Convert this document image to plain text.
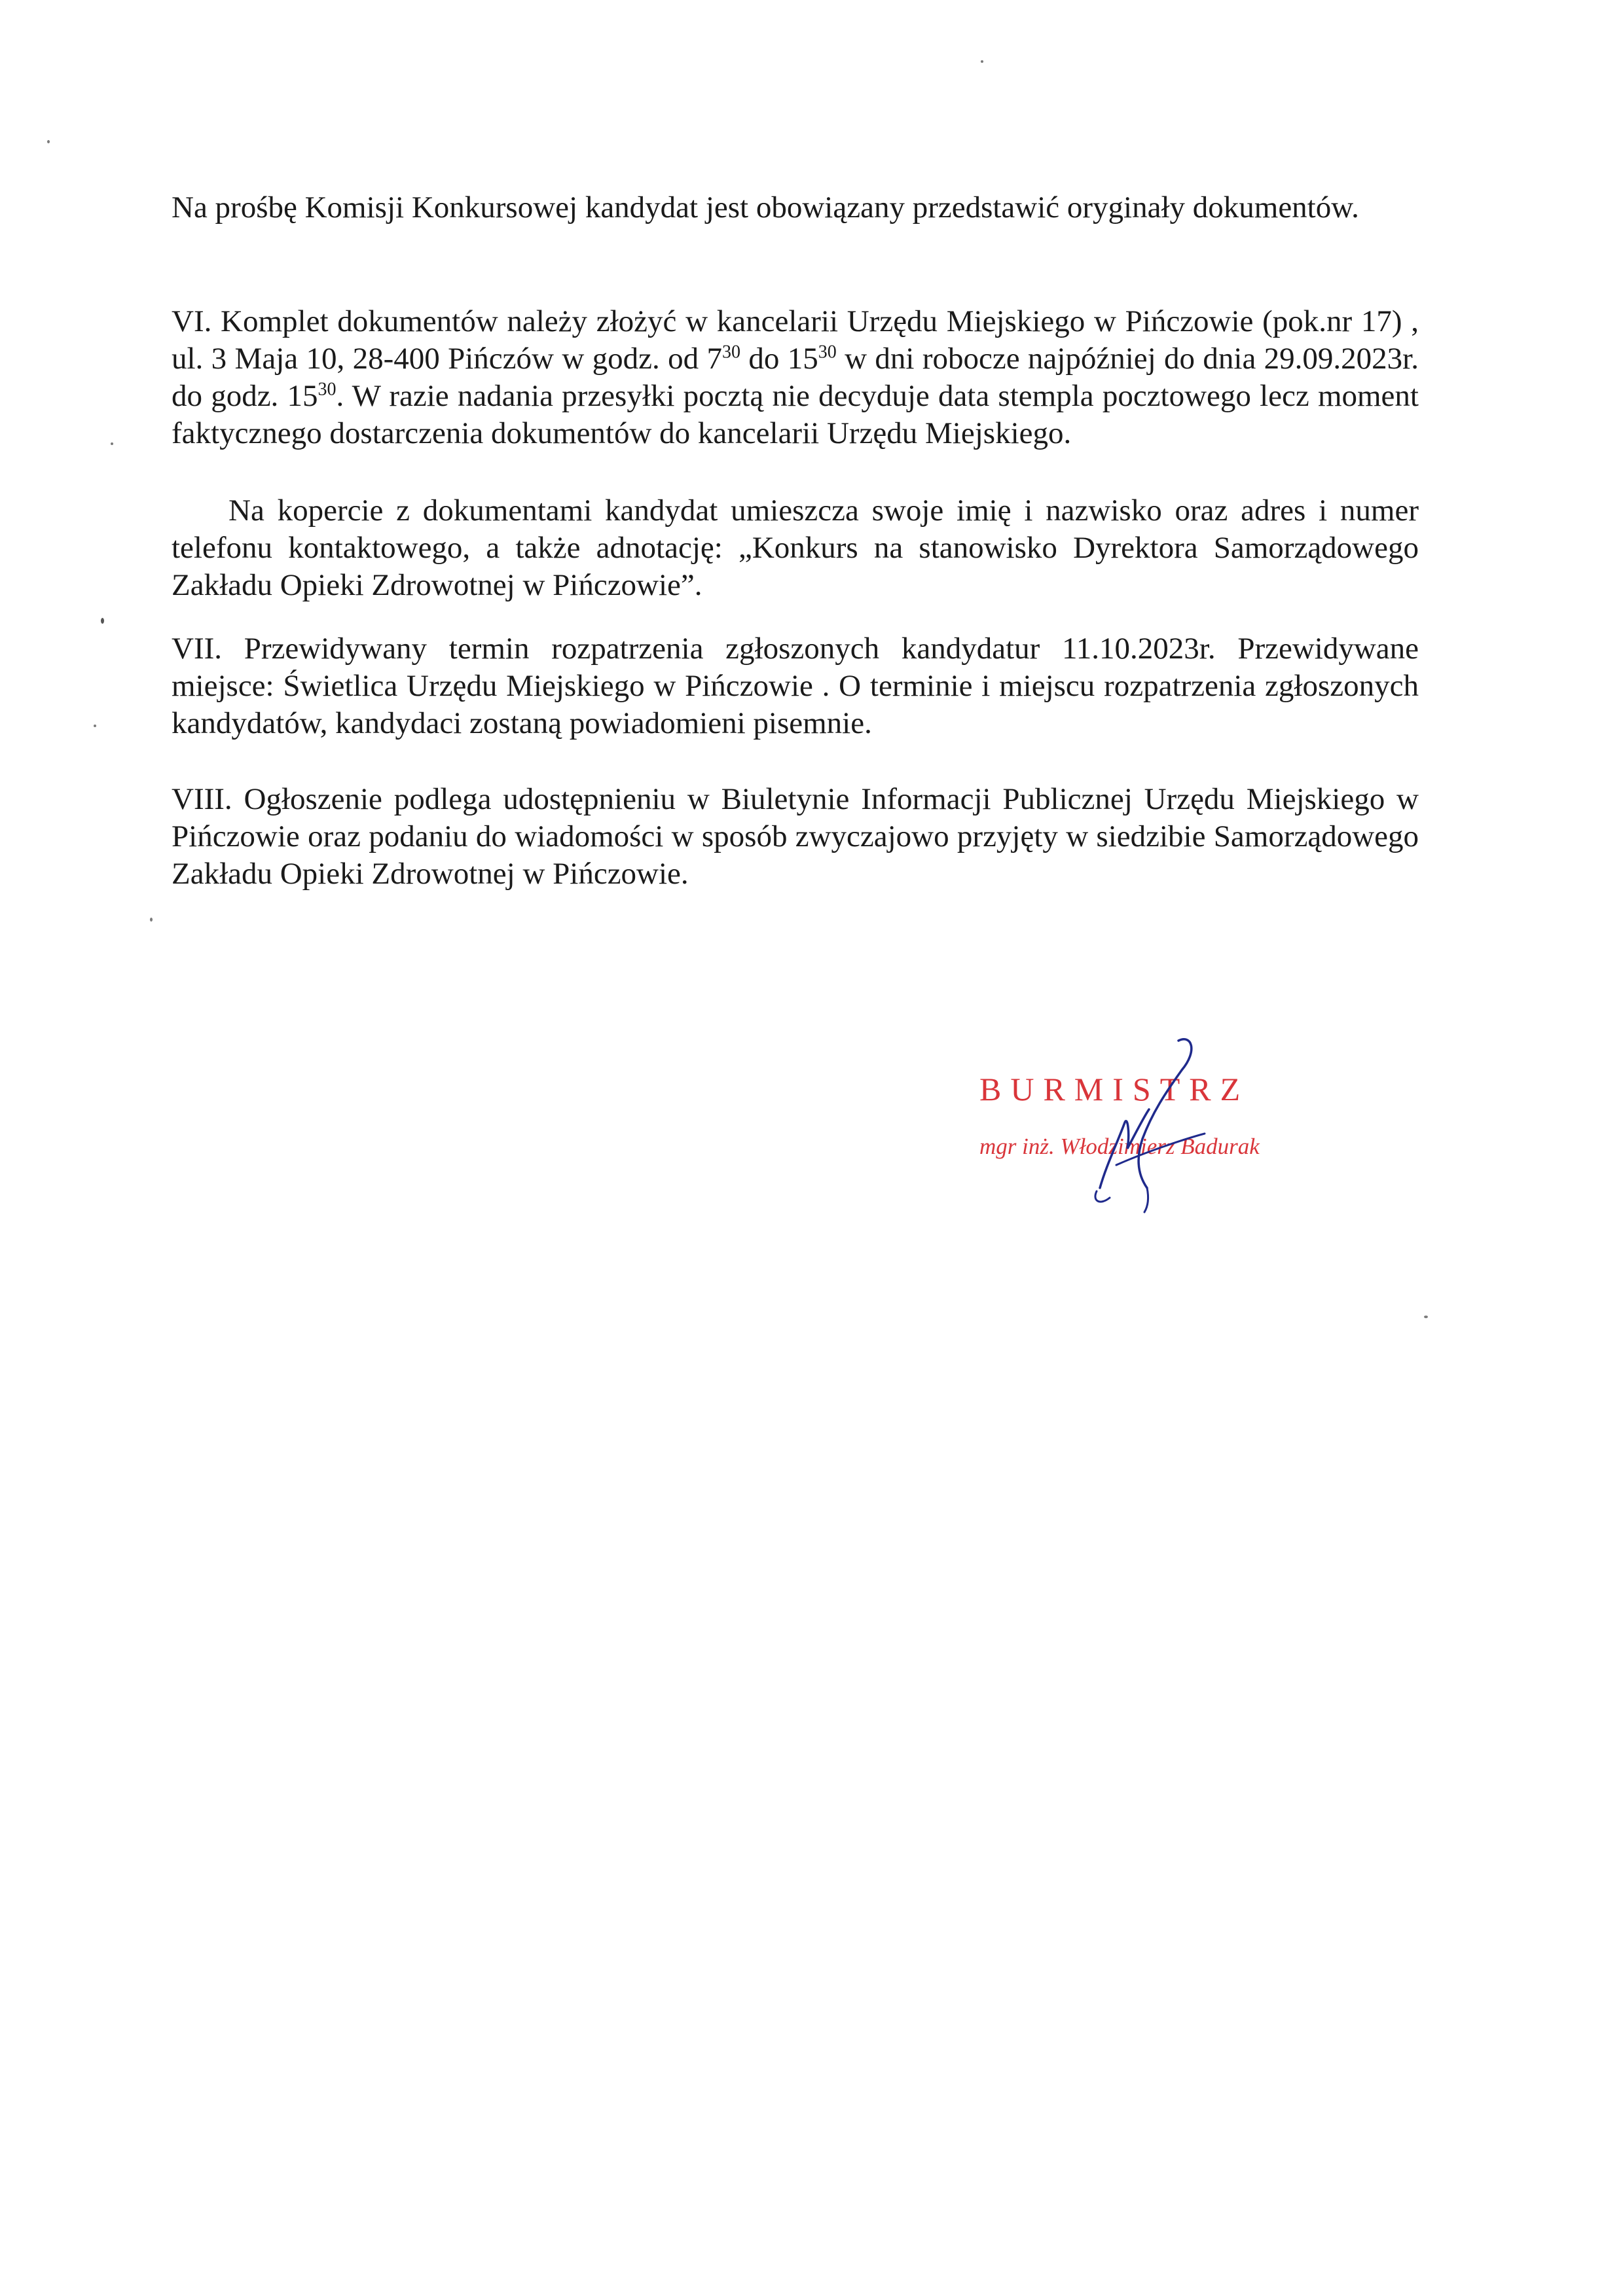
Na prośbę Komisji Konkursowej kandydat jest obowiązany przedstawić oryginały dokumentów.

VI. Komplet dokumentów należy złożyć w kancelarii Urzędu Miejskiego w Pińczowie (pok.nr 17) , ul. 3 Maja 10, 28-400 Pińczów w godz. od $7^{30}$ do $15^{30}$ w dni robocze najpóźniej do dnia 29.09.2023r. do godz. $15^{30}$. W razie nadania przesyłki pocztą nie decyduje data stempla pocztowego lecz moment faktycznego dostarczenia dokumentów do kancelarii Urzędu Miejskiego.

Na kopercie z dokumentami kandydat umieszcza swoje imię i nazwisko oraz adres i numer telefonu kontaktowego, a także adnotację: „Konkurs na stanowisko Dyrektora Samorządowego Zakładu Opieki Zdrowotnej w Pińczowie”.

VII. Przewidywany termin rozpatrzenia zgłoszonych kandydatur 11.10.2023r. Przewidywane miejsce: Świetlica Urzędu Miejskiego w Pińczowie . O terminie i miejscu rozpatrzenia zgłoszonych kandydatów, kandydaci zostaną powiadomieni pisemnie.

VIII. Ogłoszenie podlega udostępnieniu w Biuletynie Informacji Publicznej Urzędu Miejskiego w Pińczowie oraz podaniu do wiadomości w sposób zwyczajowo przyjęty w siedzibie Samorządowego Zakładu Opieki Zdrowotnej w Pińczowie.

BURMISTRZ
mgr inż. Włodzimierz Badurak
